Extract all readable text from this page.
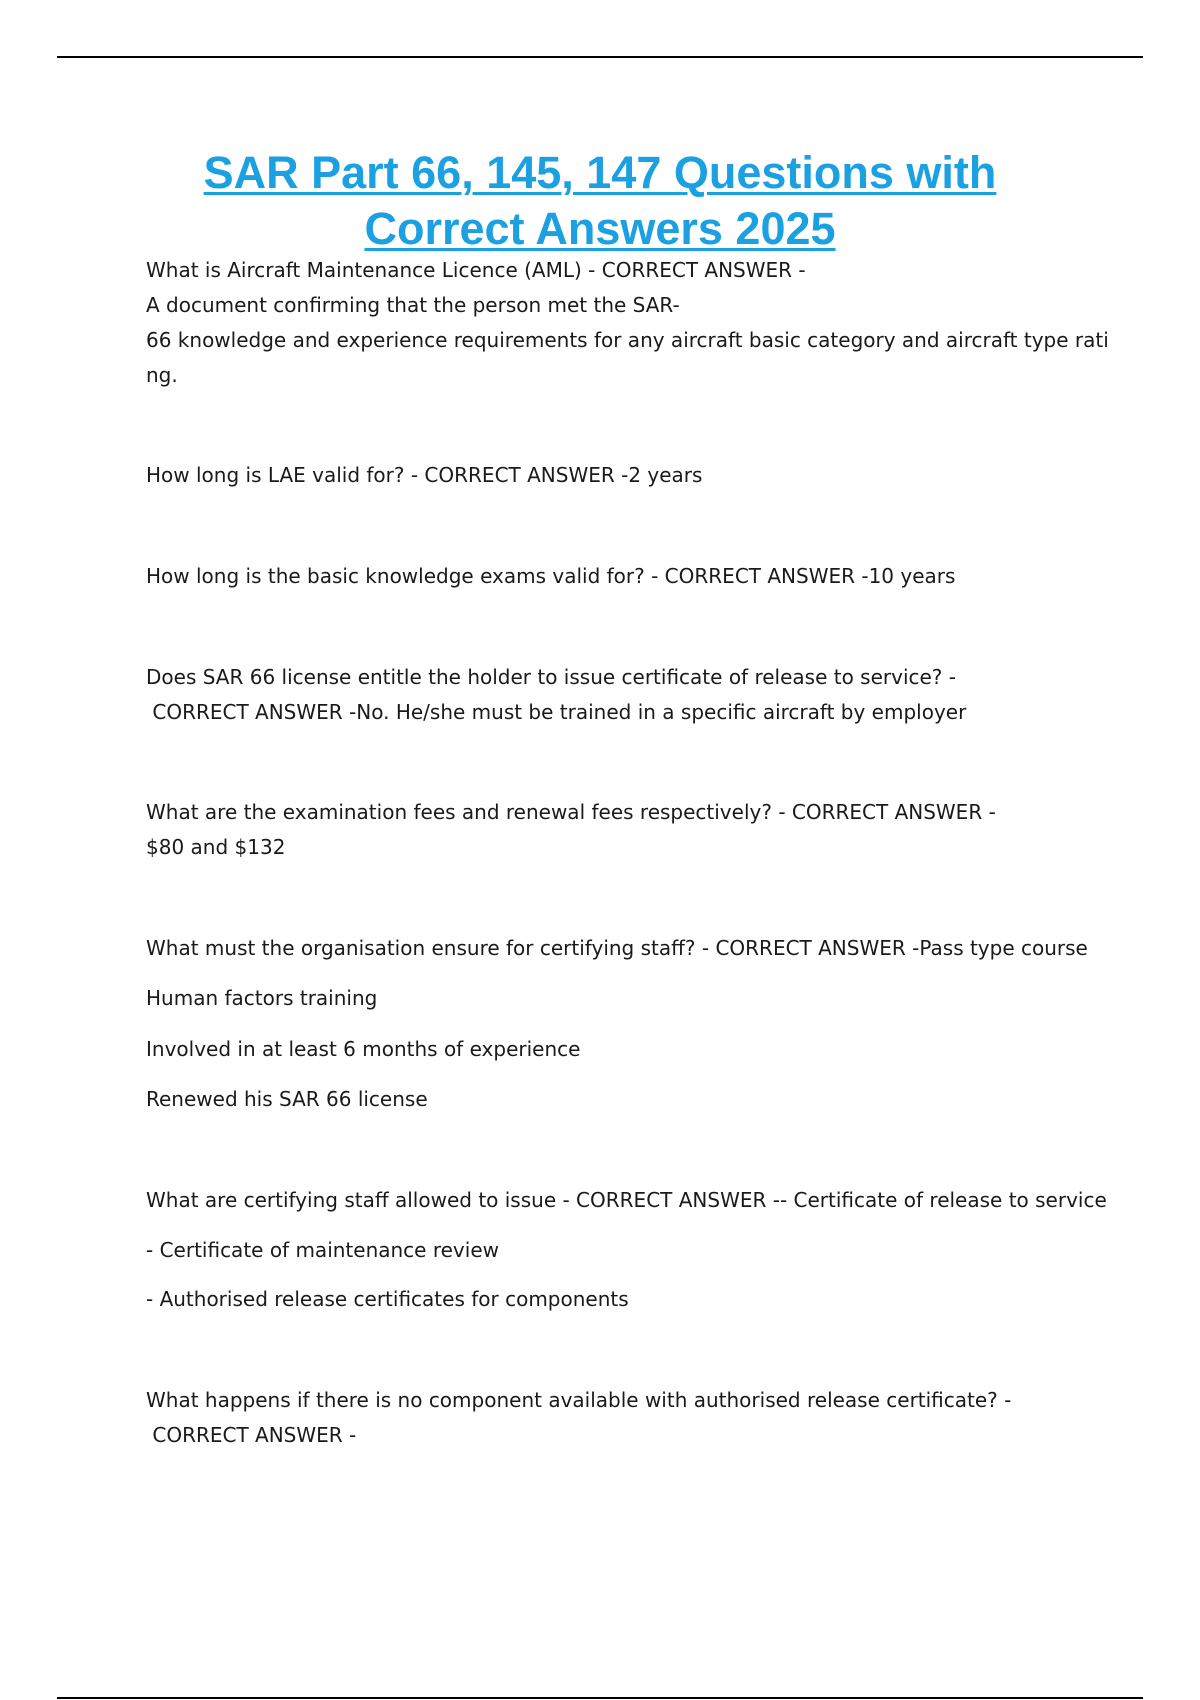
SAR Part 66, 145, 147 Questions with
Correct Answers 2025
What is Aircraft Maintenance Licence (AML) - CORRECT ANSWER -
A document confirming that the person met the SAR-
66 knowledge and experience requirements for any aircraft basic category and aircraft type rati
ng.
How long is LAE valid for? - CORRECT ANSWER -2 years
How long is the basic knowledge exams valid for? - CORRECT ANSWER -10 years
Does SAR 66 license entitle the holder to issue certificate of release to service? -
CORRECT ANSWER -No. He/she must be trained in a specific aircraft by employer
What are the examination fees and renewal fees respectively? - CORRECT ANSWER -
$80 and $132
What must the organisation ensure for certifying staff? - CORRECT ANSWER -Pass type course
Human factors training
Involved in at least 6 months of experience
Renewed his SAR 66 license
What are certifying staff allowed to issue - CORRECT ANSWER -- Certificate of release to service
- Certificate of maintenance review
- Authorised release certificates for components
What happens if there is no component available with authorised release certificate? -
CORRECT ANSWER -
